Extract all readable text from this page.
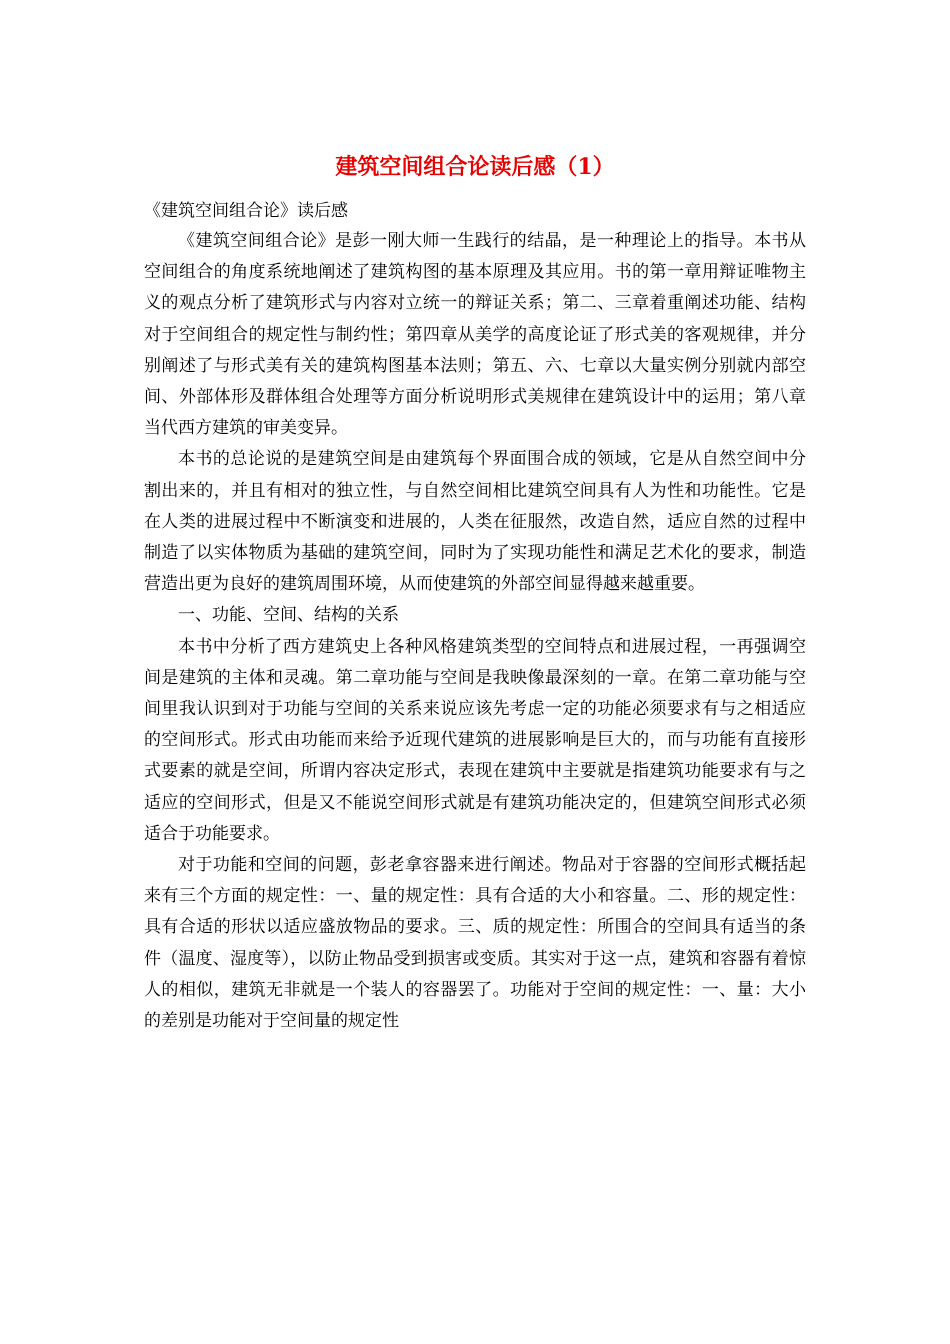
建筑空间组合论读后感（1）

《建筑空间组合论》读后感

《建筑空间组合论》是彭一刚大师一生践行的结晶，是一种理论上的指导。本书从空间组合的角度系统地阐述了建筑构图的基本原理及其应用。书的第一章用辩证唯物主义的观点分析了建筑形式与内容对立统一的辩证关系；第二、三章着重阐述功能、结构对于空间组合的规定性与制约性；第四章从美学的高度论证了形式美的客观规律，并分别阐述了与形式美有关的建筑构图基本法则；第五、六、七章以大量实例分别就内部空间、外部体形及群体组合处理等方面分析说明形式美规律在建筑设计中的运用；第八章当代西方建筑的审美变异。

本书的总论说的是建筑空间是由建筑每个界面围合成的领域，它是从自然空间中分割出来的，并且有相对的独立性，与自然空间相比建筑空间具有人为性和功能性。它是在人类的进展过程中不断演变和进展的，人类在征服然，改造自然，适应自然的过程中制造了以实体物质为基础的建筑空间，同时为了实现功能性和满足艺术化的要求，制造营造出更为良好的建筑周围环境，从而使建筑的外部空间显得越来越重要。

一、功能、空间、结构的关系

本书中分析了西方建筑史上各种风格建筑类型的空间特点和进展过程，一再强调空间是建筑的主体和灵魂。第二章功能与空间是我映像最深刻的一章。在第二章功能与空间里我认识到对于功能与空间的关系来说应该先考虑一定的功能必须要求有与之相适应的空间形式。形式由功能而来给予近现代建筑的进展影响是巨大的，而与功能有直接形式要素的就是空间，所谓内容决定形式，表现在建筑中主要就是指建筑功能要求有与之适应的空间形式，但是又不能说空间形式就是有建筑功能决定的，但建筑空间形式必须适合于功能要求。

对于功能和空间的问题，彭老拿容器来进行阐述。物品对于容器的空间形式概括起来有三个方面的规定性：一、量的规定性：具有合适的大小和容量。二、形的规定性：具有合适的形状以适应盛放物品的要求。三、质的规定性：所围合的空间具有适当的条件（温度、湿度等），以防止物品受到损害或变质。其实对于这一点，建筑和容器有着惊人的相似，建筑无非就是一个装人的容器罢了。功能对于空间的规定性：一、量：大小的差别是功能对于空间量的规定性
